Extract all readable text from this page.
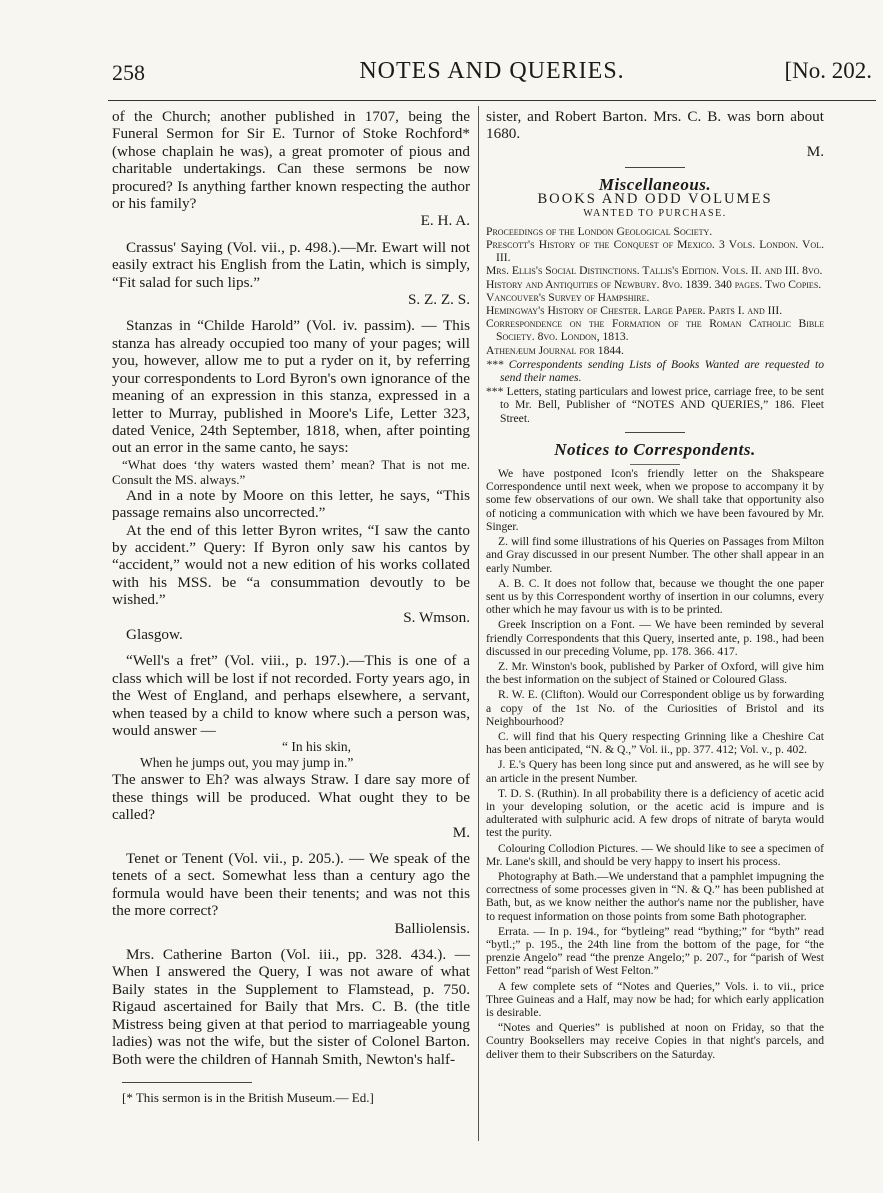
258	NOTES AND QUERIES.	[No. 202.

of the Church; another published in 1707, being the Funeral Sermon for Sir E. Turnor of Stoke Rochford* (whose chaplain he was), a great promoter of pious and charitable undertakings. Can these sermons be now procured? Is anything farther known respecting the author or his family?

E. H. A.

Crassus' Saying (Vol. vii., p. 498.).—Mr. Ewart will not easily extract his English from the Latin, which is simply, “Fit salad for such lips.”

S. Z. Z. S.

Stanzas in “Childe Harold” (Vol. iv. passim). — This stanza has already occupied too many of your pages; will you, however, allow me to put a ryder on it, by referring your correspondents to Lord Byron's own ignorance of the meaning of an expression in this stanza, expressed in a letter to Murray, published in Moore's Life, Letter 323, dated Venice, 24th September, 1818, when, after pointing out an error in the same canto, he says:

“What does ‘thy waters wasted them’ mean? That is not me. Consult the MS. always.”

And in a note by Moore on this letter, he says, “This passage remains also uncorrected.”

At the end of this letter Byron writes, “I saw the canto by accident.” Query: If Byron only saw his cantos by “accident,” would not a new edition of his works collated with his MSS. be “a consummation devoutly to be wished.”

S. Wmson.

Glasgow.

“Well's a fret” (Vol. viii., p. 197.).—This is one of a class which will be lost if not recorded. Forty years ago, in the West of England, and perhaps elsewhere, a servant, when teased by a child to know where such a person was, would answer —

“ In his skin,
When he jumps out, you may jump in.”

The answer to Eh? was always Straw. I dare say more of these things will be produced. What ought they to be called?

M.

Tenet or Tenent (Vol. vii., p. 205.). — We speak of the tenets of a sect. Somewhat less than a century ago the formula would have been their tenents; and was not this the more correct?

Balliolensis.

Mrs. Catherine Barton (Vol. iii., pp. 328. 434.). — When I answered the Query, I was not aware of what Baily states in the Supplement to Flamstead, p. 750. Rigaud ascertained for Baily that Mrs. C. B. (the title Mistress being given at that period to marriageable young ladies) was not the wife, but the sister of Colonel Barton. Both were the children of Hannah Smith, Newton's half-

[* This sermon is in the British Museum.— Ed.]

sister, and Robert Barton. Mrs. C. B. was born about 1680.

M.

Miscellaneous.
BOOKS AND ODD VOLUMES
WANTED TO PURCHASE.

Proceedings of the London Geological Society.

Prescott's History of the Conquest of Mexico. 3 Vols. London. Vol. III.

Mrs. Ellis's Social Distinctions. Tallis's Edition. Vols. II. and III. 8vo.

History and Antiquities of Newbury. 8vo. 1839. 340 pages. Two Copies.

Vancouver's Survey of Hampshire.

Hemingway's History of Chester. Large Paper. Parts I. and III.

Correspondence on the Formation of the Roman Catholic Bible Society. 8vo. London, 1813.

Athenæum Journal for 1844.

*** Correspondents sending Lists of Books Wanted are requested to send their names.

*** Letters, stating particulars and lowest price, carriage free, to be sent to Mr. Bell, Publisher of “NOTES AND QUERIES,” 186. Fleet Street.

Notices to Correspondents.

We have postponed Icon's friendly letter on the Shakspeare Correspondence until next week, when we propose to accompany it by some few observations of our own. We shall take that opportunity also of noticing a communication with which we have been favoured by Mr. Singer.

Z. will find some illustrations of his Queries on Passages from Milton and Gray discussed in our present Number. The other shall appear in an early Number.

A. B. C. It does not follow that, because we thought the one paper sent us by this Correspondent worthy of insertion in our columns, every other which he may favour us with is to be printed.

Greek Inscription on a Font. — We have been reminded by several friendly Correspondents that this Query, inserted ante, p. 198., had been discussed in our preceding Volume, pp. 178. 366. 417.

Z. Mr. Winston's book, published by Parker of Oxford, will give him the best information on the subject of Stained or Coloured Glass.

R. W. E. (Clifton). Would our Correspondent oblige us by forwarding a copy of the 1st No. of the Curiosities of Bristol and its Neighbourhood?

C. will find that his Query respecting Grinning like a Cheshire Cat has been anticipated, “N. & Q.,” Vol. ii., pp. 377. 412; Vol. v., p. 402.

J. E.'s Query has been long since put and answered, as he will see by an article in the present Number.

T. D. S. (Ruthin). In all probability there is a deficiency of acetic acid in your developing solution, or the acetic acid is impure and is adulterated with sulphuric acid. A few drops of nitrate of baryta would test the purity.

Colouring Collodion Pictures. — We should like to see a specimen of Mr. Lane's skill, and should be very happy to insert his process.

Photography at Bath.—We understand that a pamphlet impugning the correctness of some processes given in “N. & Q.” has been published at Bath, but, as we know neither the author's name nor the publisher, have to request information on those points from some Bath photographer.

Errata. — In p. 194., for “bytleing” read “bything;” for “byth” read “bytl.;” p. 195., the 24th line from the bottom of the page, for “the prenzie Angelo” read “the prenze Angelo;” p. 207., for “parish of West Fetton” read “parish of West Felton.”

A few complete sets of “Notes and Queries,” Vols. i. to vii., price Three Guineas and a Half, may now be had; for which early application is desirable.

“Notes and Queries” is published at noon on Friday, so that the Country Booksellers may receive Copies in that night's parcels, and deliver them to their Subscribers on the Saturday.
